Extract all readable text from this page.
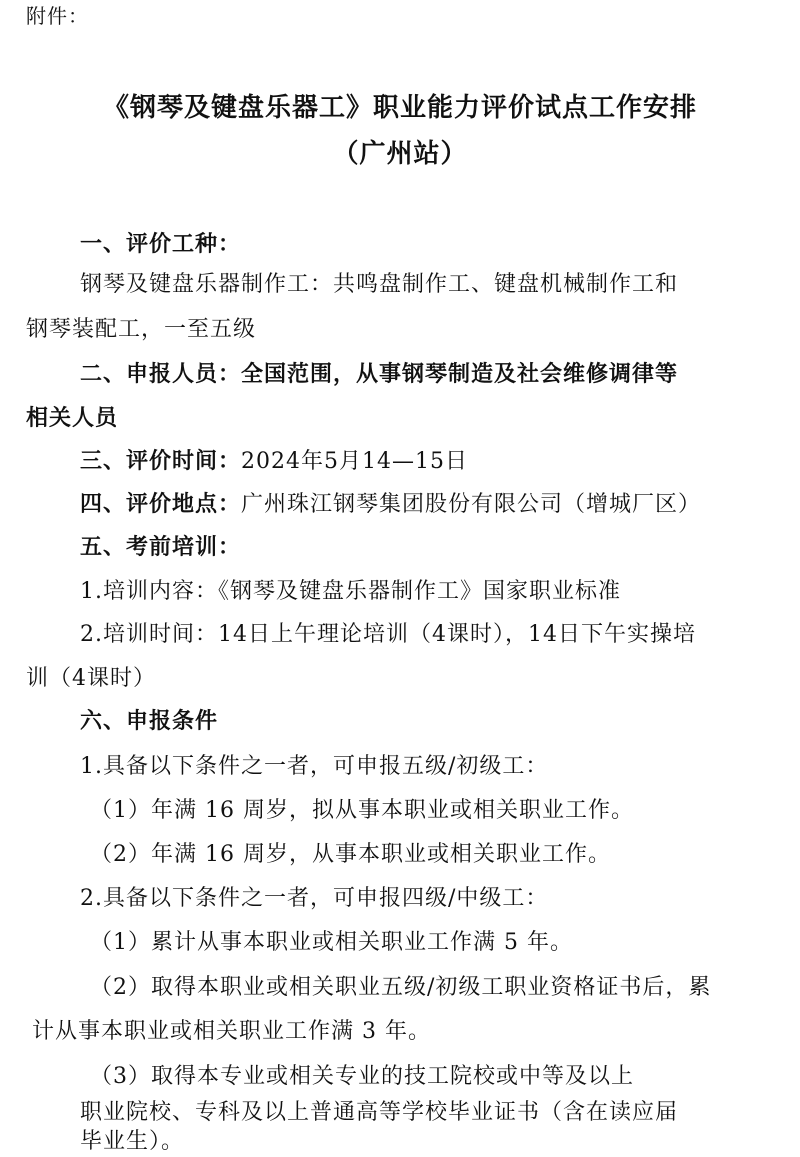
附件：
《钢琴及键盘乐器工》职业能力评价试点工作安排
（广州站）
一、评价工种：
钢琴及键盘乐器制作工：共鸣盘制作工、键盘机械制作工和
钢琴装配工，一至五级
二、申报人员：全国范围，从事钢琴制造及社会维修调律等
相关人员
三、评价时间：2024年5月14—15日
四、评价地点：广州珠江钢琴集团股份有限公司（增城厂区）
五、考前培训：
1.培训内容：《钢琴及键盘乐器制作工》国家职业标准
2.培训时间：14日上午理论培训（4课时），14日下午实操培
训（4课时）
六、申报条件
1.具备以下条件之一者，可申报五级/初级工：
（1）年满 16 周岁，拟从事本职业或相关职业工作。
（2）年满 16 周岁，从事本职业或相关职业工作。
2.具备以下条件之一者，可申报四级/中级工：
（1）累计从事本职业或相关职业工作满 5 年。
（2）取得本职业或相关职业五级/初级工职业资格证书后，累
计从事本职业或相关职业工作满 3 年。
（3）取得本专业或相关专业的技工院校或中等及以上
职业院校、专科及以上普通高等学校毕业证书（含在读应届
毕业生）。
